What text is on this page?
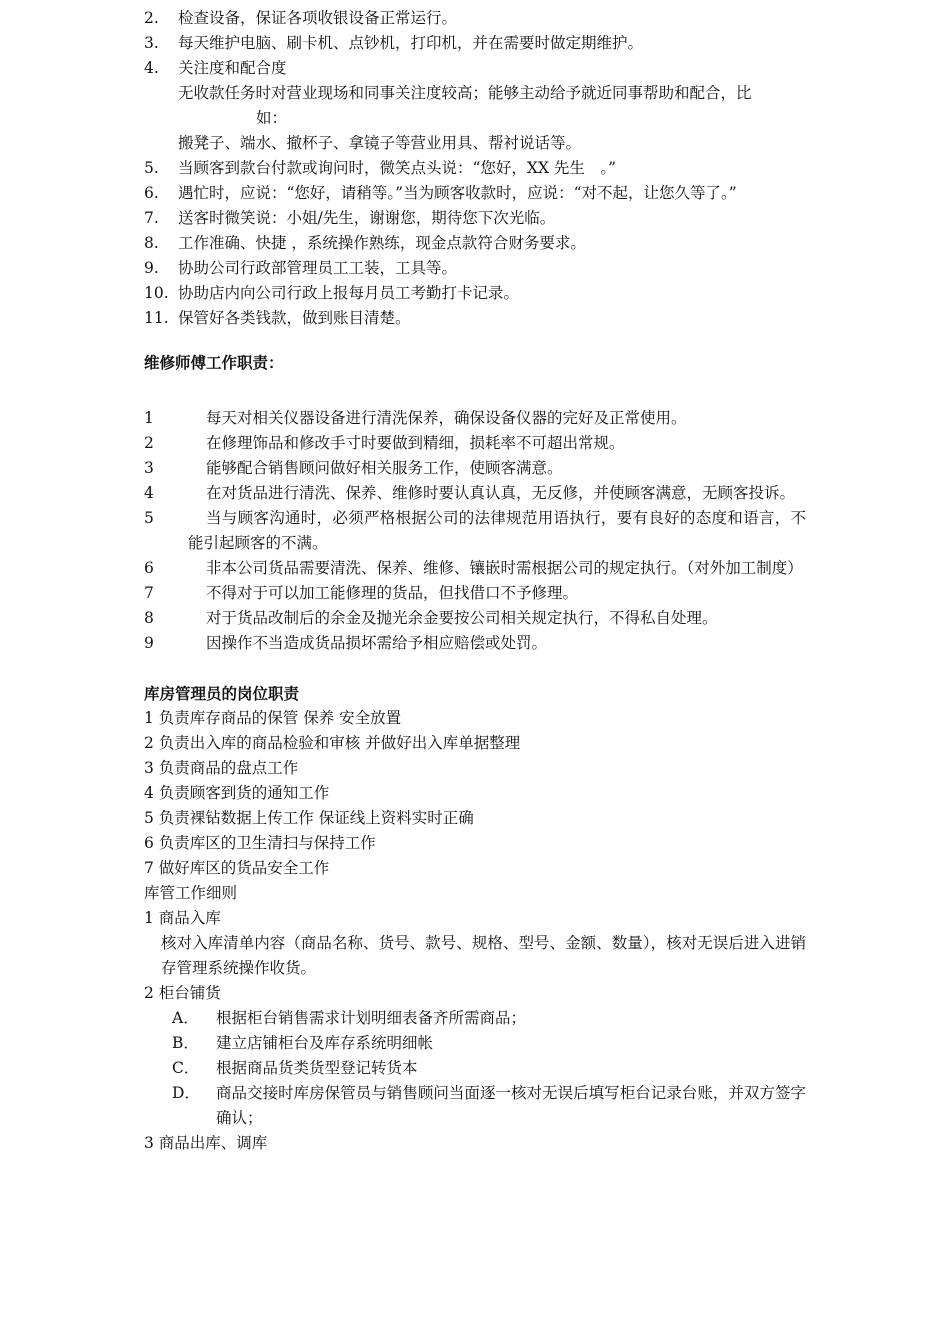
2. 检查设备，保证各项收银设备正常运行。
3. 每天维护电脑、刷卡机、点钞机，打印机，并在需要时做定期维护。
4. 关注度和配合度
无收款任务时对营业现场和同事关注度较高；能够主动给予就近同事帮助和配合，比
如：
搬凳子、端水、撤杯子、拿镜子等营业用具、帮衬说话等。
5. 当顾客到款台付款或询问时，微笑点头说：“您好，XX 先生　。”
6. 遇忙时，应说：“您好，请稍等。”当为顾客收款时，应说：“对不起，让您久等了。”
7. 送客时微笑说：小姐/先生，谢谢您，期待您下次光临。
8. 工作准确、快捷 ，系统操作熟练，现金点款符合财务要求。
9. 协助公司行政部管理员工工装，工具等。
10. 协助店内向公司行政上报每月员工考勤打卡记录。
11. 保管好各类钱款，做到账目清楚。
维修师傅工作职责：
1	每天对相关仪器设备进行清洗保养，确保设备仪器的完好及正常使用。
2	在修理饰品和修改手寸时要做到精细，损耗率不可超出常规。
3	能够配合销售顾问做好相关服务工作，使顾客满意。
4	在对货品进行清洗、保养、维修时要认真认真，无反修，并使顾客满意，无顾客投诉。
5	当与顾客沟通时，必须严格根据公司的法律规范用语执行，要有良好的态度和语言，不能引起顾客的不满。
6	非本公司货品需要清洗、保养、维修、镶嵌时需根据公司的规定执行。（对外加工制度）
7	不得对于可以加工能修理的货品，但找借口不予修理。
8	对于货品改制后的余金及抛光余金要按公司相关规定执行，不得私自处理。
9	因操作不当造成货品损坏需给予相应赔偿或处罚。
库房管理员的岗位职责
1 负责库存商品的保管 保养 安全放置
2 负责出入库的商品检验和审核 并做好出入库单据整理
3 负责商品的盘点工作
4 负责顾客到货的通知工作
5 负责裸钻数据上传工作 保证线上资料实时正确
6 负责库区的卫生清扫与保持工作
7 做好库区的货品安全工作
库管工作细则
1 商品入库
核对入库清单内容（商品名称、货号、款号、规格、型号、金额、数量），核对无误后进入进销存管理系统操作收货。
2 柜台铺货
A． 根据柜台销售需求计划明细表备齐所需商品；
B． 建立店铺柜台及库存系统明细帐
C． 根据商品货类货型登记转货本
D． 商品交接时库房保管员与销售顾问当面逐一核对无误后填写柜台记录台账，并双方签字确认；
3 商品出库、调库
